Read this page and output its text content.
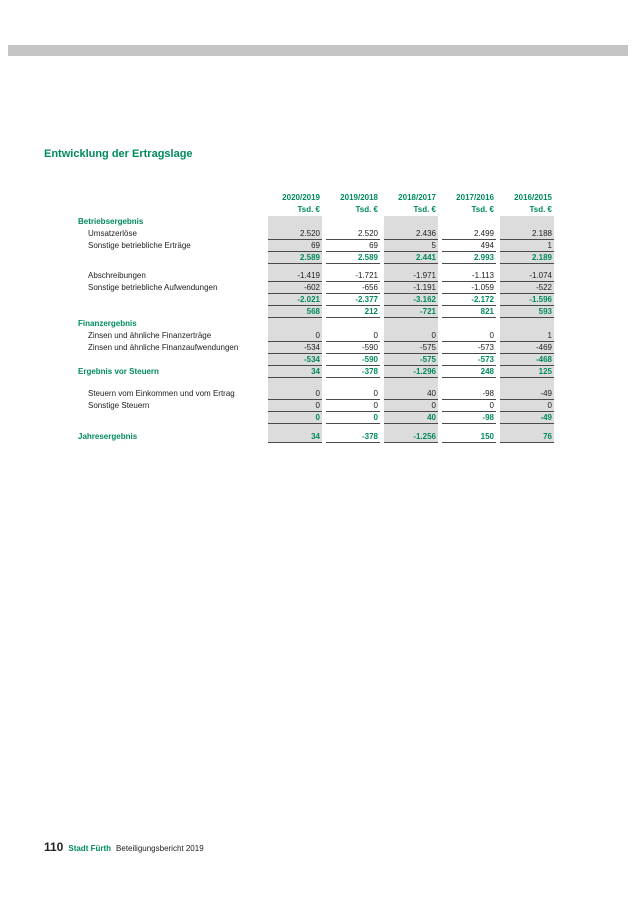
Entwicklung der Ertragslage
2020/2019	2019/2018	2018/2017	2017/2016	2016/2015
Tsd. €	Tsd. €	Tsd. €	Tsd. €	Tsd. €
Betriebsergebnis
Umsatzerlöse	2.520	2.520	2.436	2.499	2.188
Sonstige betriebliche Erträge	69	69	5	494	1
2.589	2.589	2.441	2.993	2.189
Abschreibungen	-1.419	-1.721	-1.971	-1.113	-1.074
Sonstige betriebliche Aufwendungen	-602	-656	-1.191	-1.059	-522
-2.021	-2.377	-3.162	-2.172	-1.596
568	212	-721	821	593
Finanzergebnis
Zinsen und ähnliche Finanzerträge	0	0	0	0	1
Zinsen und ähnliche Finanzaufwendungen	-534	-590	-575	-573	-469
-534	-590	-575	-573	-468
Ergebnis vor Steuern	34	-378	-1.296	248	125
Steuern vom Einkommen und vom Ertrag	0	0	40	-98	-49
Sonstige Steuern	0	0	0	0	0
0	0	40	-98	-49
Jahresergebnis	34	-378	-1.256	150	76
110 Stadt Fürth Beteiligungsbericht 2019
